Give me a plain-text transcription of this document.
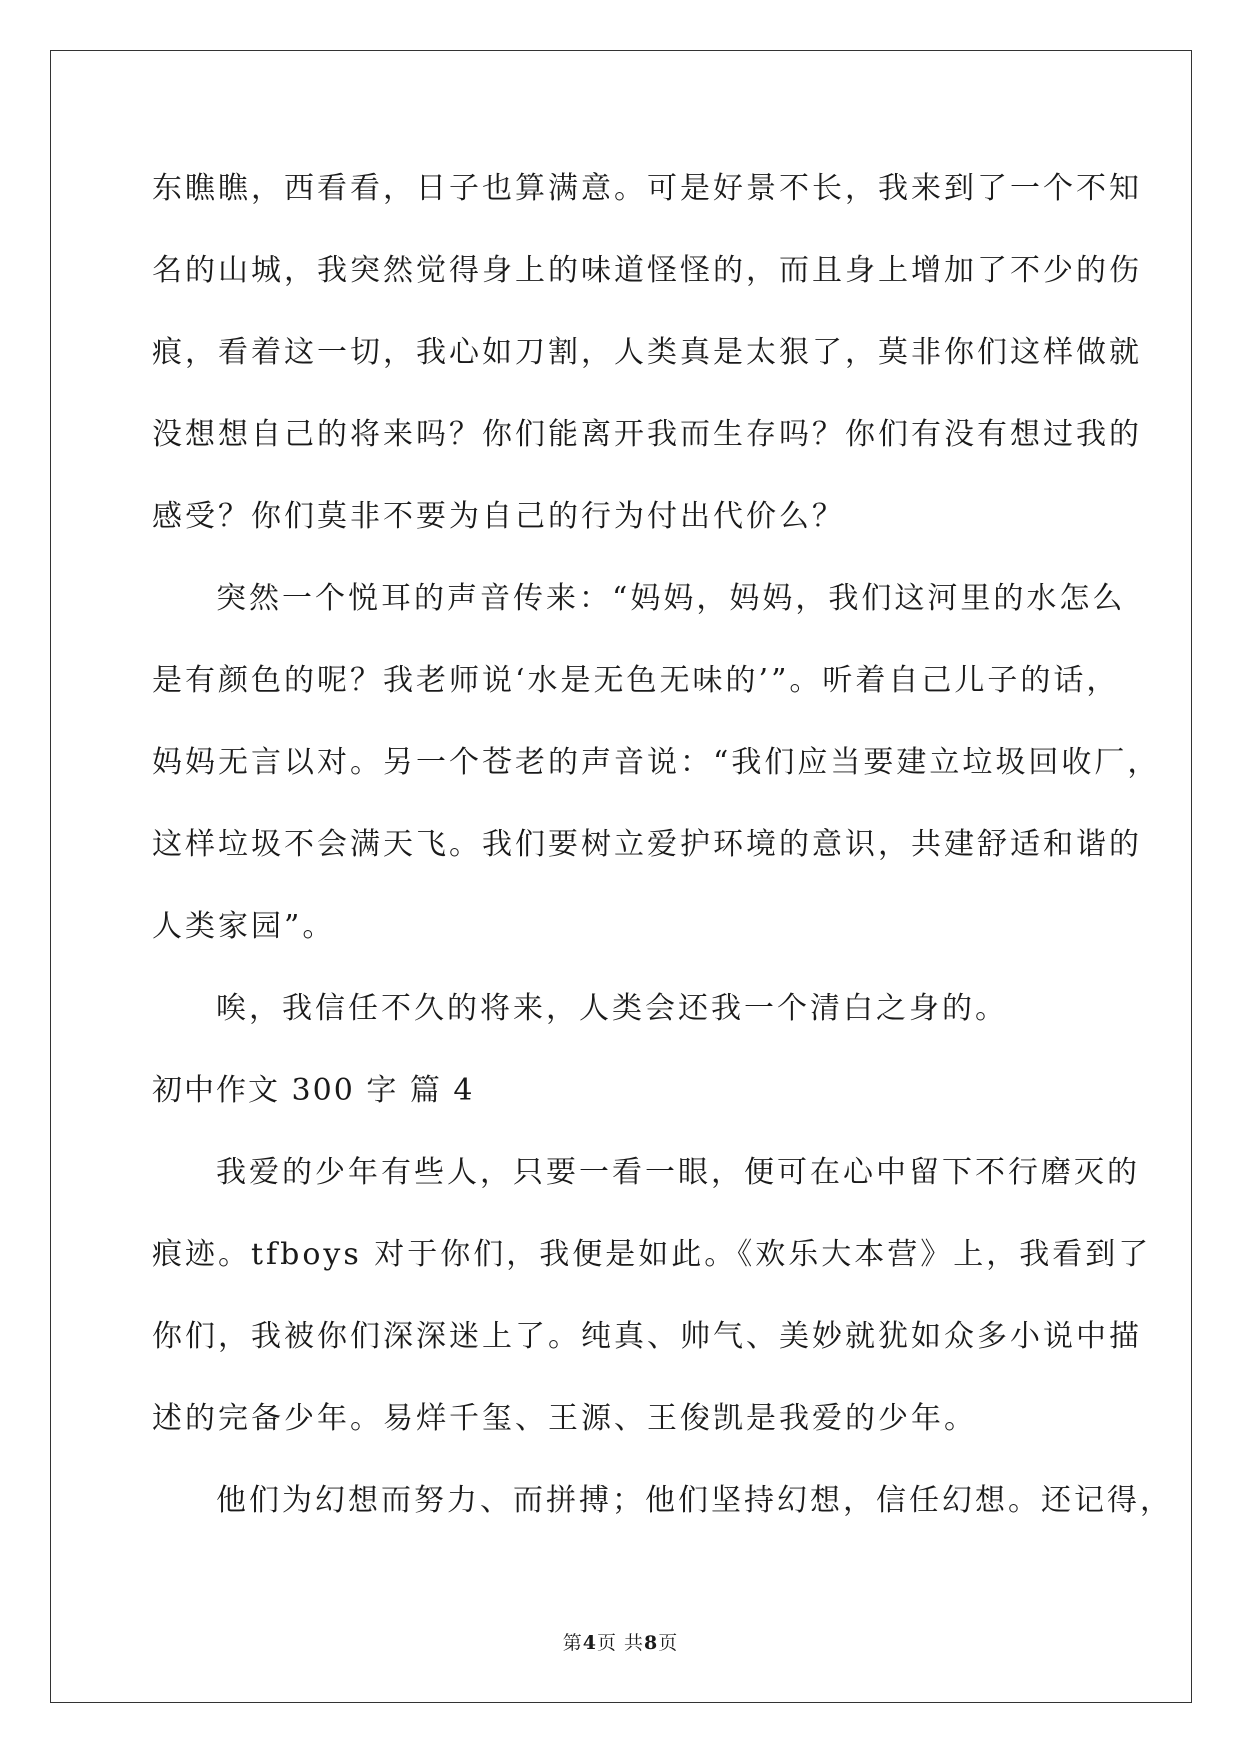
东瞧瞧，西看看，日子也算满意。可是好景不长，我来到了一个不知
名的山城，我突然觉得身上的味道怪怪的，而且身上增加了不少的伤
痕，看着这一切，我心如刀割，人类真是太狠了，莫非你们这样做就
没想想自己的将来吗？你们能离开我而生存吗？你们有没有想过我的
感受？你们莫非不要为自己的行为付出代价么？
突然一个悦耳的声音传来：“妈妈，妈妈，我们这河里的水怎么
是有颜色的呢？我老师说‘水是无色无味的’”。听着自己儿子的话，
妈妈无言以对。另一个苍老的声音说：“我们应当要建立垃圾回收厂，
这样垃圾不会满天飞。我们要树立爱护环境的意识，共建舒适和谐的
人类家园”。
唉，我信任不久的将来，人类会还我一个清白之身的。
初中作文 300 字 篇 4
我爱的少年有些人，只要一看一眼，便可在心中留下不行磨灭的
痕迹。tfboys 对于你们，我便是如此。《欢乐大本营》上，我看到了
你们，我被你们深深迷上了。纯真、帅气、美妙就犹如众多小说中描
述的完备少年。易烊千玺、王源、王俊凯是我爱的少年。
他们为幻想而努力、而拼搏；他们坚持幻想，信任幻想。还记得，
第4页 共8页
